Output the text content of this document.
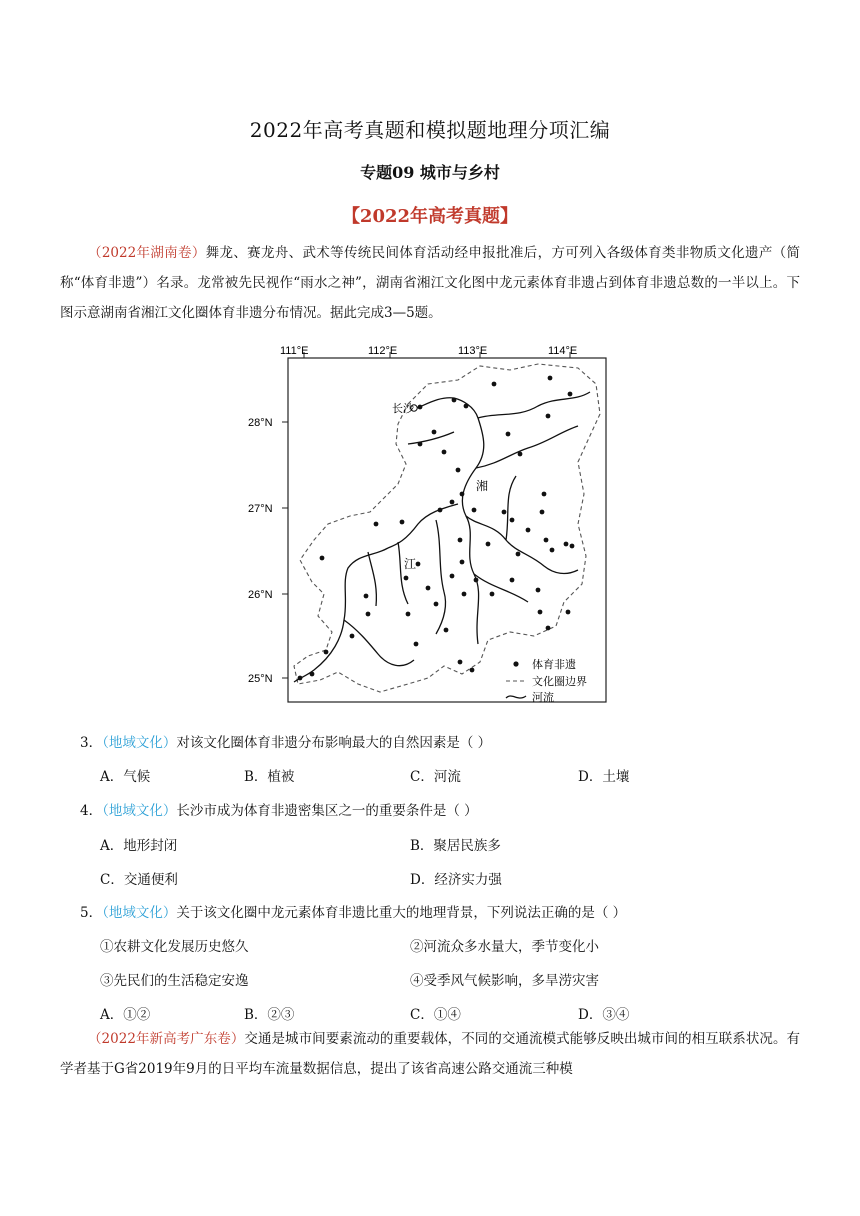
2022年高考真题和模拟题地理分项汇编
专题09 城市与乡村
【2022年高考真题】
（2022年湖南卷）舞龙、赛龙舟、武术等传统民间体育活动经申报批准后，方可列入各级体育类非物质文化遗产（简称“体育非遗”）名录。龙常被先民视作“雨水之神”，湖南省湘江文化图中龙元素体育非遗占到体育非遗总数的一半以上。下图示意湖南省湘江文化圈体育非遗分布情况。据此完成3—5题。
111°E	112°E	113°E	114°E
28°N
27°N
26°N
25°N
长沙
湘
江
体育非遗
文化圈边界
河流
3．（地域文化）对该文化圈体育非遗分布影响最大的自然因素是（ ）
A．气候	B．植被	C．河流	D．土壤
4．（地域文化）长沙市成为体育非遗密集区之一的重要条件是（ ）
A．地形封闭	B．聚居民族多
C．交通便利	D．经济实力强
5．（地域文化）关于该文化圈中龙元素体育非遗比重大的地理背景，下列说法正确的是（ ）
①农耕文化发展历史悠久	②河流众多水量大，季节变化小
③先民们的生活稳定安逸	④受季风气候影响，多旱涝灾害
A．①②	B．②③	C．①④	D．③④
（2022年新高考广东卷）交通是城市间要素流动的重要载体，不同的交通流模式能够反映出城市间的相互联系状况。有学者基于G省2019年9月的日平均车流量数据信息，提出了该省高速公路交通流三种模
